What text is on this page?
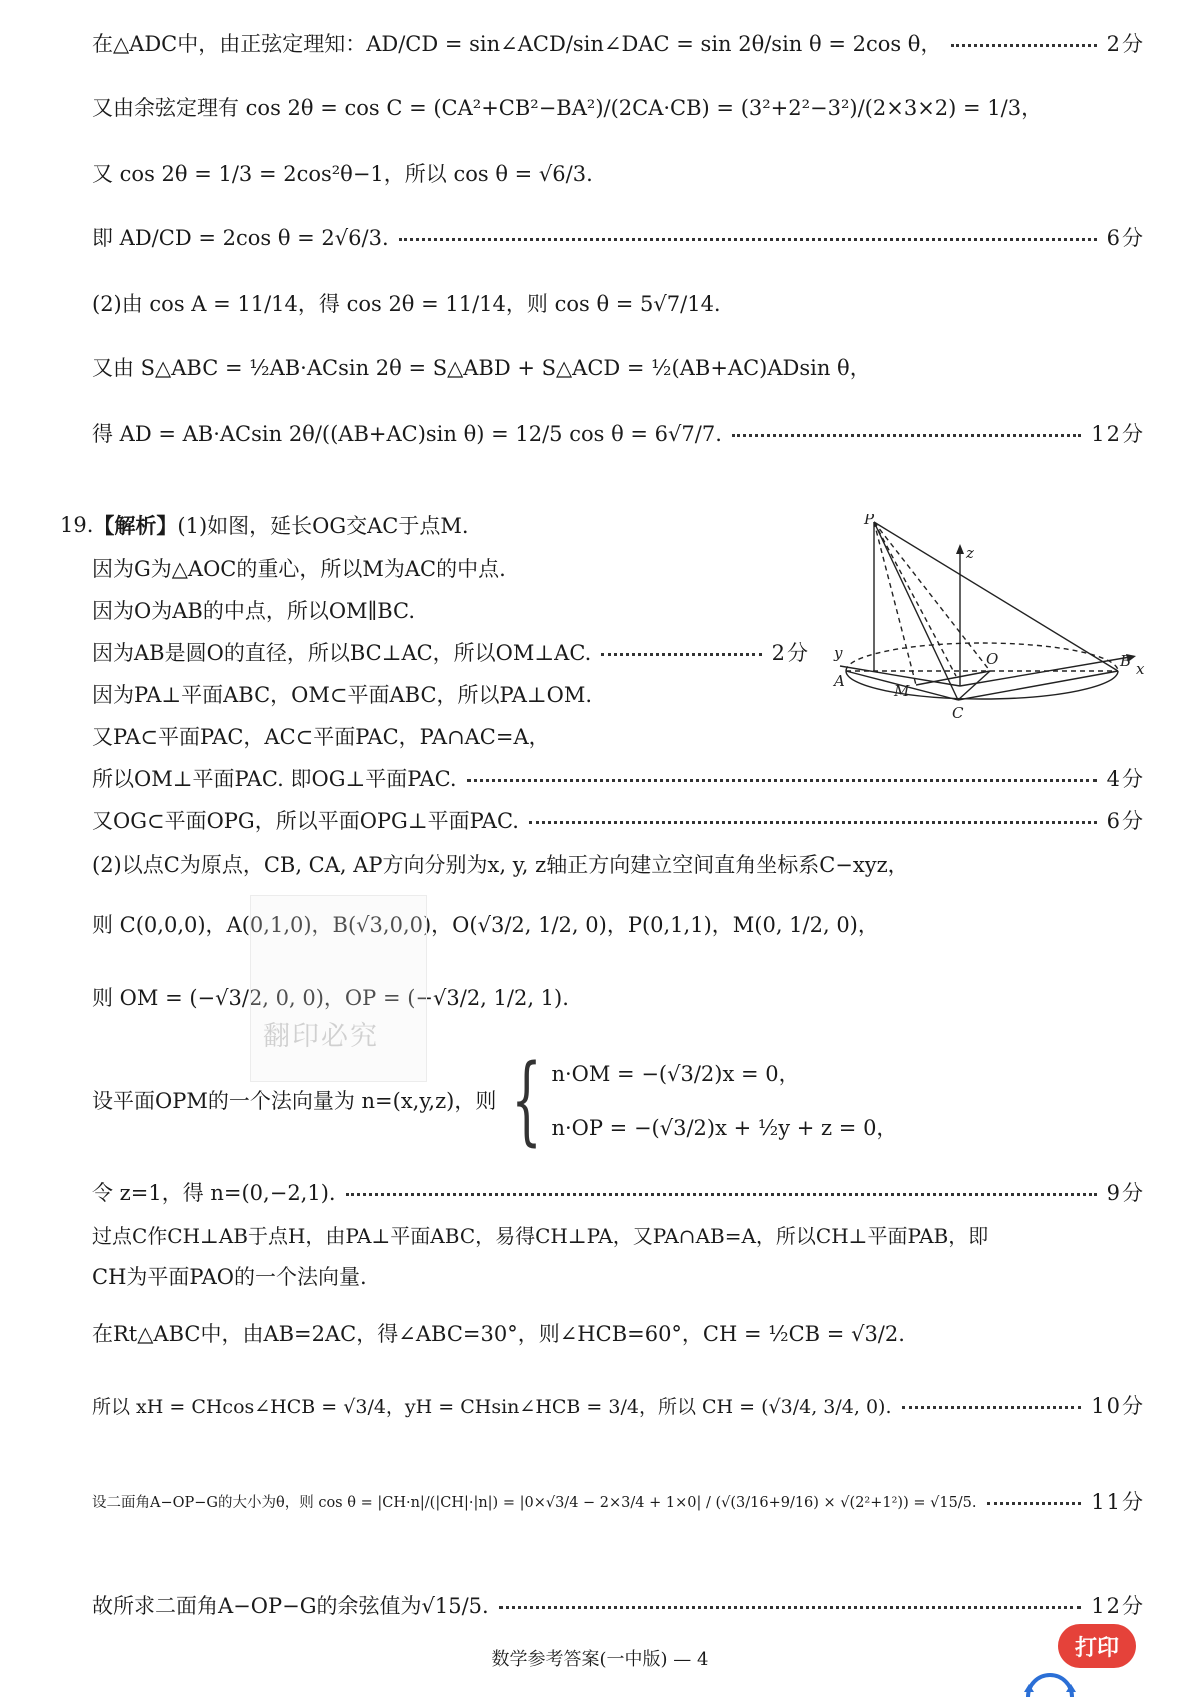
在△ADC中，由正弦定理知：AD/CD = sin∠ACD/sin∠DAC = sin 2θ/sin θ = 2cos θ，	2分
又由余弦定理有 cos 2θ = cos C = (CA²+CB²−BA²)/(2CA·CB) = (3²+2²−3²)/(2×3×2) = 1/3，
又 cos 2θ = 1/3 = 2cos²θ−1，所以 cos θ = √6/3.
即 AD/CD = 2cos θ = 2√6/3.	6分
(2)由 cos A = 11/14，得 cos 2θ = 11/14，则 cos θ = 5√7/14.
又由 S△ABC = ½AB·ACsin 2θ = S△ABD + S△ACD = ½(AB+AC)ADsin θ，
得 AD = AB·ACsin 2θ/((AB+AC)sin θ) = 12/5 cos θ = 6√7/7.	12分
19. 【解析】 (1)如图，延长OG交AC于点M.
因为G为△AOC的重心，所以M为AC的中点.
因为O为AB的中点，所以OM∥BC.
因为AB是圆O的直径，所以BC⊥AC，所以OM⊥AC.	2分
因为PA⊥平面ABC，OM⊂平面ABC，所以PA⊥OM.
又PA⊂平面PAC，AC⊂平面PAC，PA∩AC=A，
所以OM⊥平面PAC. 即OG⊥平面PAC.	4分
又OG⊂平面OPG，所以平面OPG⊥平面PAC.	6分
(2)以点C为原点，CB, CA, AP方向分别为x, y, z轴正方向建立空间直角坐标系C−xyz，
则 C(0,0,0)，A(0,1,0)，B(√3,0,0)，O(√3/2, 1/2, 0)，P(0,1,1)，M(0, 1/2, 0)，
则 OM = (−√3/2, 0, 0)，OP = (−√3/2, 1/2, 1).
翻印必究
设平面OPM的一个法向量为 n=(x,y,z)，则 { n·OM = −(√3/2)x = 0，
n·OP = −(√3/2)x + ½y + z = 0，
令 z=1，得 n=(0,−2,1).	9分
过点C作CH⊥AB于点H，由PA⊥平面ABC，易得CH⊥PA，又PA∩AB=A，所以CH⊥平面PAB，即
CH为平面PAO的一个法向量.
在Rt△ABC中，由AB=2AC，得∠ABC=30°，则∠HCB=60°，CH = ½CB = √3/2.
所以 xH = CHcos∠HCB = √3/4，yH = CHsin∠HCB = 3/4，所以 CH = (√3/4, 3/4, 0).	10分
设二面角A−OP−G的大小为θ，则 cos θ = |CH·n|/(|CH|·|n|) = |0×√3/4 − 2×3/4 + 1×0| / (√(3/16+9/16) × √(2²+1²)) = √15/5.	11分
故所求二面角A−OP−G的余弦值为√15/5.	12分
P
z
y
A
M
O	B x
C
数学参考答案(一中版) — 4	打印
